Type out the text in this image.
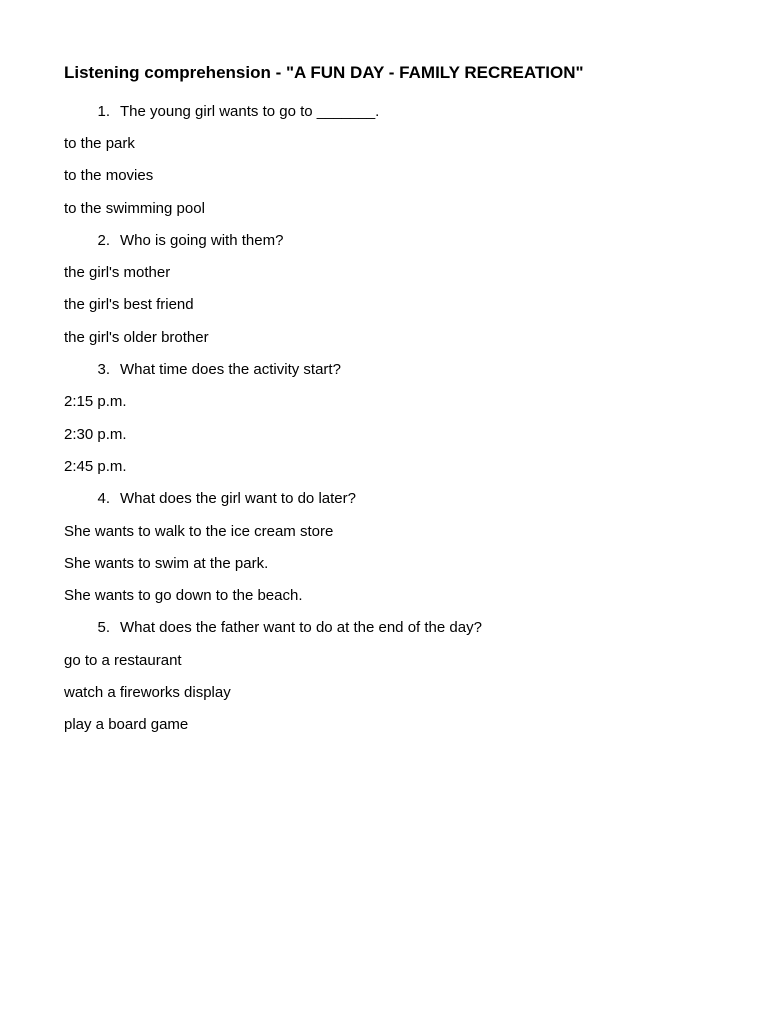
Listening comprehension - "A FUN DAY - FAMILY RECREATION"
1. The young girl wants to go to _______.
to the park
to the movies
to the swimming pool
2. Who is going with them?
the girl's mother
the girl's best friend
the girl's older brother
3. What time does the activity start?
2:15 p.m.
2:30 p.m.
2:45 p.m.
4. What does the girl want to do later?
She wants to walk to the ice cream store
She wants to swim at the park.
She wants to go down to the beach.
5. What does the father want to do at the end of the day?
go to a restaurant
watch a fireworks display
play a board game
